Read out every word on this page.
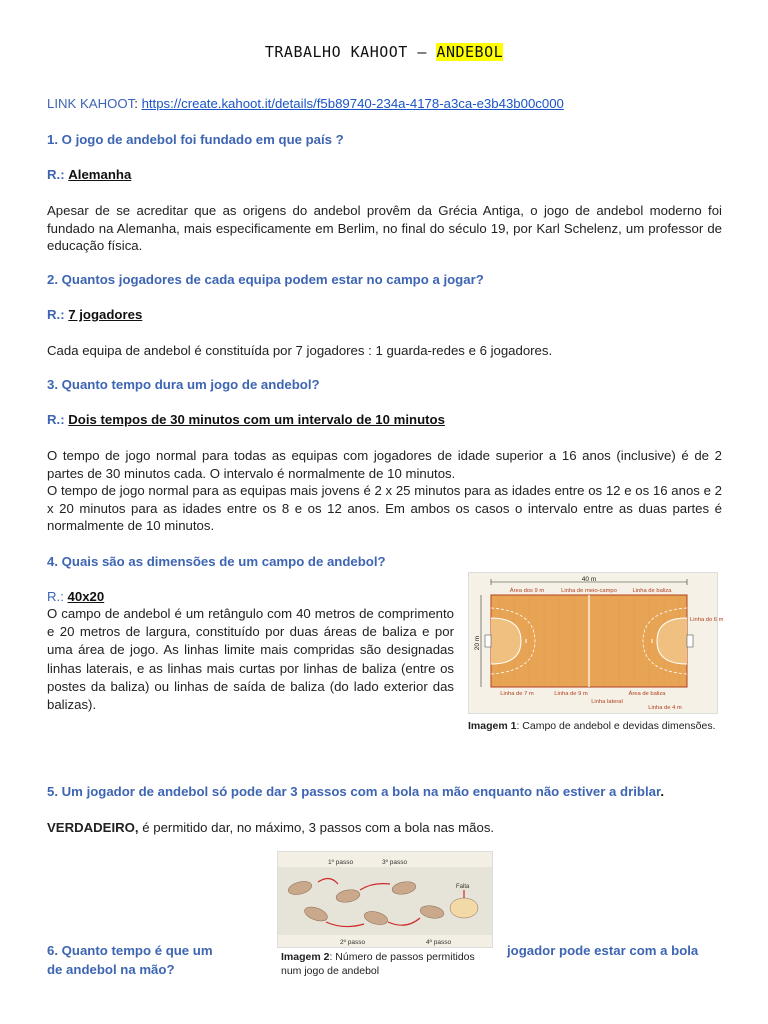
TRABALHO KAHOOT – ANDEBOL
LINK KAHOOT: https://create.kahoot.it/details/f5b89740-234a-4178-a3ca-e3b43b00c000
1. O jogo de andebol foi fundado em que país ?
R.: Alemanha

Apesar de se acreditar que as origens do andebol provêm da Grécia Antiga, o jogo de andebol moderno foi fundado na Alemanha, mais especificamente em Berlim, no final do século 19, por Karl Schelenz, um professor de educação física.

2. Quantos jogadores de cada equipa podem estar no campo a jogar?
R.: 7 jogadores

Cada equipa de andebol é constituída por 7 jogadores : 1 guarda-redes e 6 jogadores.

3. Quanto tempo dura um jogo de andebol?
R.: Dois tempos de 30 minutos com um intervalo de 10 minutos

O tempo de jogo normal para todas as equipas com jogadores de idade superior a 16 anos (inclusive) é de 2 partes de 30 minutos cada. O intervalo é normalmente de 10 minutos.

O tempo de jogo normal para as equipas mais jovens é 2 x 25 minutos para as idades entre os 12 e os 16 anos e 2 x 20 minutos para as idades entre os 8 e os 12 anos. Em ambos os casos o intervalo entre as duas partes é normalmente de 10 minutos.

4. Quais são as dimensões de um campo de andebol?
R.: 40x20

O campo de andebol é um retângulo com 40 metros de comprimento e 20 metros de largura, constituído por duas áreas de baliza e por uma área de jogo. As linhas limite mais compridas são designadas linhas laterais, e as linhas mais curtas por linhas de baliza (entre os postes da baliza) ou linhas de saída de baliza (do lado exterior das balizas).

40 m
20 m
Área dos 9 m	Linha de meio-campo	Linha de baliza
Linha do 6 m
Linha de 7 m	Linha de 9 m	Área de baliza
Linha lateral
Linha de 4 m
Imagem 1: Campo de andebol e devidas dimensões.
5. Um jogador de andebol só pode dar 3 passos com a bola na mão enquanto não estiver a driblar.
VERDADEIRO, é permitido dar, no máximo, 3 passos com a bola nas mãos.
1º passo	3º passo
2º passo	4º passo
Falta
Imagem 2: Número de passos permitidos num jogo de andebol
6. Quanto tempo é que um	jogador pode estar com a bola
de andebol na mão?
